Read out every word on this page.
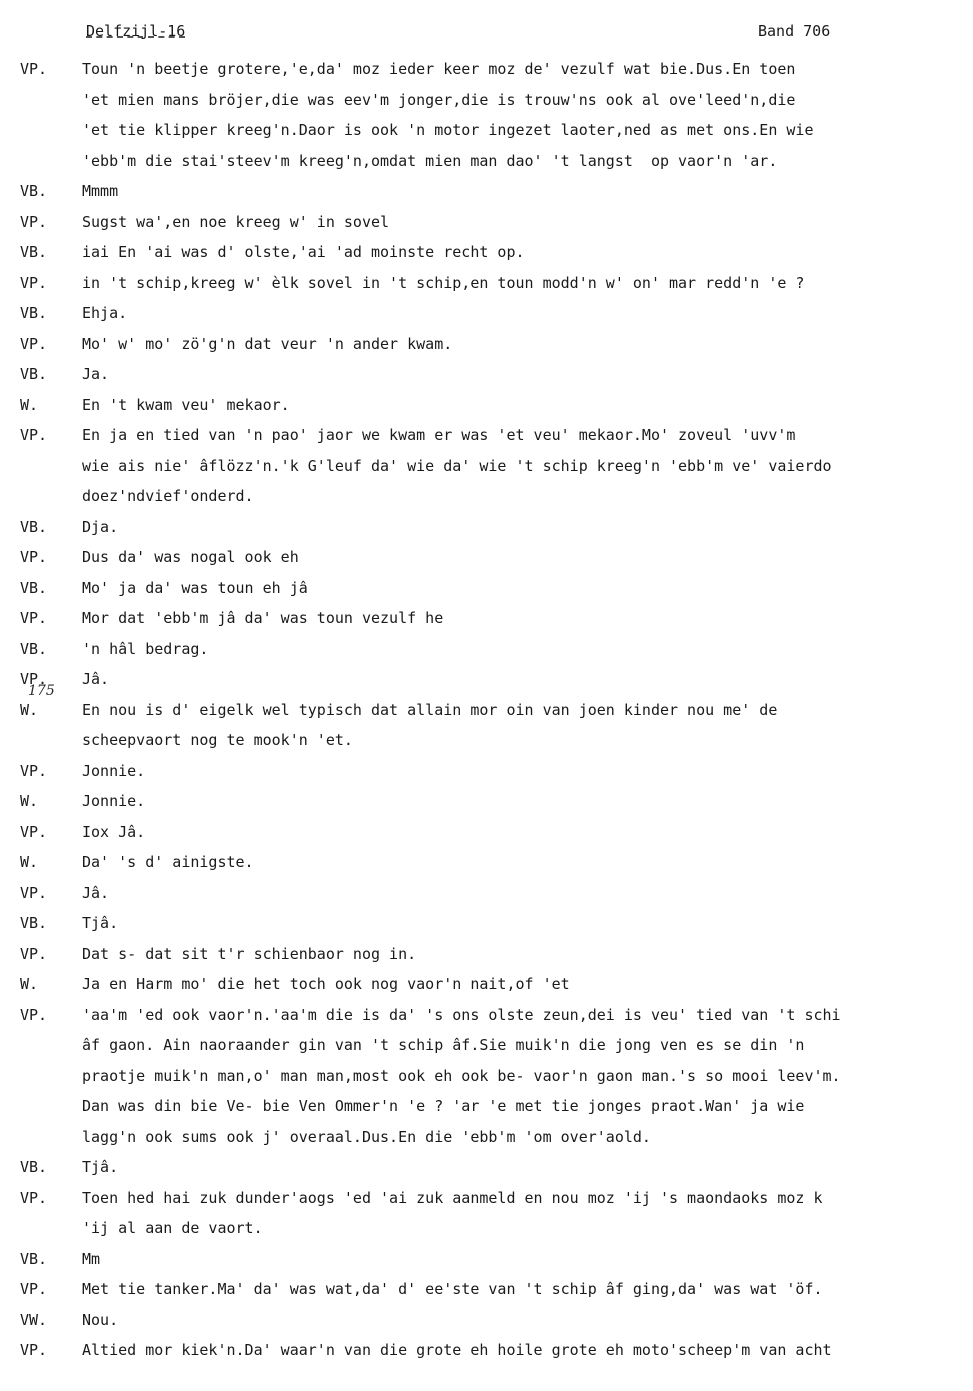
Delfzijl-16	Band 706
175
VP.	Toun 'n beetje grotere,'e,da' moz ieder keer moz de' vezulf wat bie.Dus.En toen
'et mien mans bröjer,die was eev'm jonger,die is trouw'ns ook al ove'leed'n,die
'et tie klipper kreeg'n.Daor is ook 'n motor ingezet laoter,ned as met ons.En wie
'ebb'm die stai'steev'm kreeg'n,omdat mien man dao' 't langst  op vaor'n 'ar.
VB.	Mmmm
VP.	Sugst wa',en noe kreeg w' in sovel
VB.	iai En 'ai was d' olste,'ai 'ad moinste recht op.
VP.	in 't schip,kreeg w' èlk sovel in 't schip,en toun modd'n w' on' mar redd'n 'e ?
VB.	Ehja.
VP.	Mo' w' mo' zö'g'n dat veur 'n ander kwam.
VB.	Ja.
W.	En 't kwam veu' mekaor.
VP.	En ja en tied van 'n pao' jaor we kwam er was 'et veu' mekaor.Mo' zoveul 'uvv'm
wie ais nie' âflözz'n.'k G'leuf da' wie da' wie 't schip kreeg'n 'ebb'm ve' vaierdo
doez'ndvief'onderd.
VB.	Dja.
VP.	Dus da' was nogal ook eh
VB.	Mo' ja da' was toun eh jâ
VP.	Mor dat 'ebb'm jâ da' was toun vezulf he
VB.	'n hâl bedrag.
VP.	Jâ.
W.	En nou is d' eigelk wel typisch dat allain mor oin van joen kinder nou me' de
scheepvaort nog te mook'n 'et.
VP.	Jonnie.
W.	Jonnie.
VP.	Iox Jâ.
W.	Da' 's d' ainigste.
VP.	Jâ.
VB.	Tjâ.
VP.	Dat s- dat sit t'r schienbaor nog in.
W.	Ja en Harm mo' die het toch ook nog vaor'n nait,of 'et
VP.	'aa'm 'ed ook vaor'n.'aa'm die is da' 's ons olste zeun,dei is veu' tied van 't schi
âf gaon. Ain naoraander gin van 't schip âf.Sie muik'n die jong ven es se din 'n
praotje muik'n man,o' man man,most ook eh ook be- vaor'n gaon man.'s so mooi leev'm.
Dan was din bie Ve- bie Ven Ommer'n 'e ? 'ar 'e met tie jonges praot.Wan' ja wie
lagg'n ook sums ook j' overaal.Dus.En die 'ebb'm 'om over'aold.
VB.	Tjâ.
VP.	Toen hed hai zuk dunder'aogs 'ed 'ai zuk aanmeld en nou moz 'ij 's maondaoks moz k
'ij al aan de vaort.
VB.	Mm
VP.	Met tie tanker.Ma' da' was wat,da' d' ee'ste van 't schip âf ging,da' was wat 'öf.
VW.	Nou.
VP.	Altied mor kiek'n.Da' waar'n van die grote eh hoile grote eh moto'scheep'm van acht
